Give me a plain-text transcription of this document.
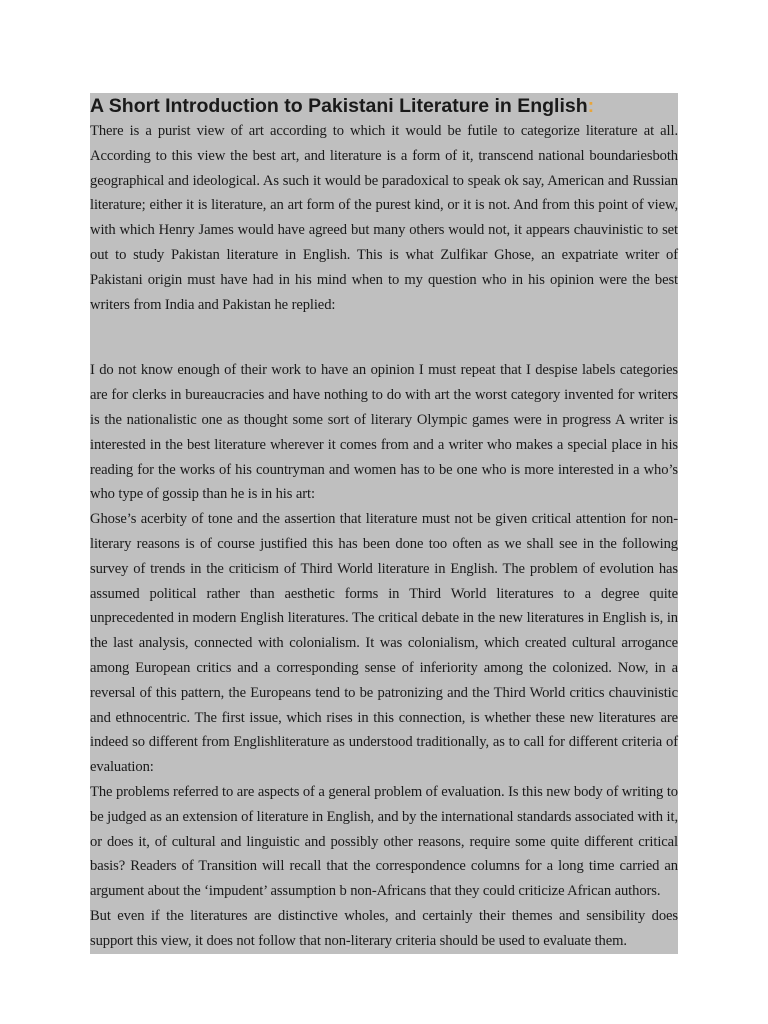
A Short Introduction to Pakistani Literature in English:

There is a purist view of art according to which it would be futile to categorize literature at all. According to this view the best art, and literature is a form of it, transcend national boundariesboth geographical and ideological. As such it would be paradoxical to speak ok say, American and Russian literature; either it is literature, an art form of the purest kind, or it is not. And from this point of view, with which Henry James would have agreed but many others would not, it appears chauvinistic to set out to study Pakistan literature in English. This is what Zulfikar Ghose, an expatriate writer of Pakistani origin must have had in his mind when to my question who in his opinion were the best writers from India and Pakistan he replied:

I do not know enough of their work to have an opinion I must repeat that I despise labels categories are for clerks in bureaucracies and have nothing to do with art the worst category invented for writers is the nationalistic one as thought some sort of literary Olympic games were in progress A writer is interested in the best literature wherever it comes from and a writer who makes a special place in his reading for the works of his countryman and women has to be one who is more interested in a who’s who type of gossip than he is in his art:

Ghose’s acerbity of tone and the assertion that literature must not be given critical attention for non-literary reasons is of course justified this has been done too often as we shall see in the following survey of trends in the criticism of Third World literature in English. The problem of evolution has assumed political rather than aesthetic forms in Third World literatures to a degree quite unprecedented in modern English literatures. The critical debate in the new literatures in English is, in the last analysis, connected with colonialism. It was colonialism, which created cultural arrogance among European critics and a corresponding sense of inferiority among the colonized. Now, in a reversal of this pattern, the Europeans tend to be patronizing and the Third World critics chauvinistic and ethnocentric. The first issue, which rises in this connection, is whether these new literatures are indeed so different from Englishliterature as understood traditionally, as to call for different criteria of evaluation:

The problems referred to are aspects of a general problem of evaluation. Is this new body of writing to be judged as an extension of literature in English, and by the international standards associated with it, or does it, of cultural and linguistic and possibly other reasons, require some quite different critical basis? Readers of Transition will recall that the correspondence columns for a long time carried an argument about the ‘impudent’ assumption b non-Africans that they could criticize African authors.

But even if the literatures are distinctive wholes, and certainly their themes and sensibility does support this view, it does not follow that non-literary criteria should be used to evaluate them.
